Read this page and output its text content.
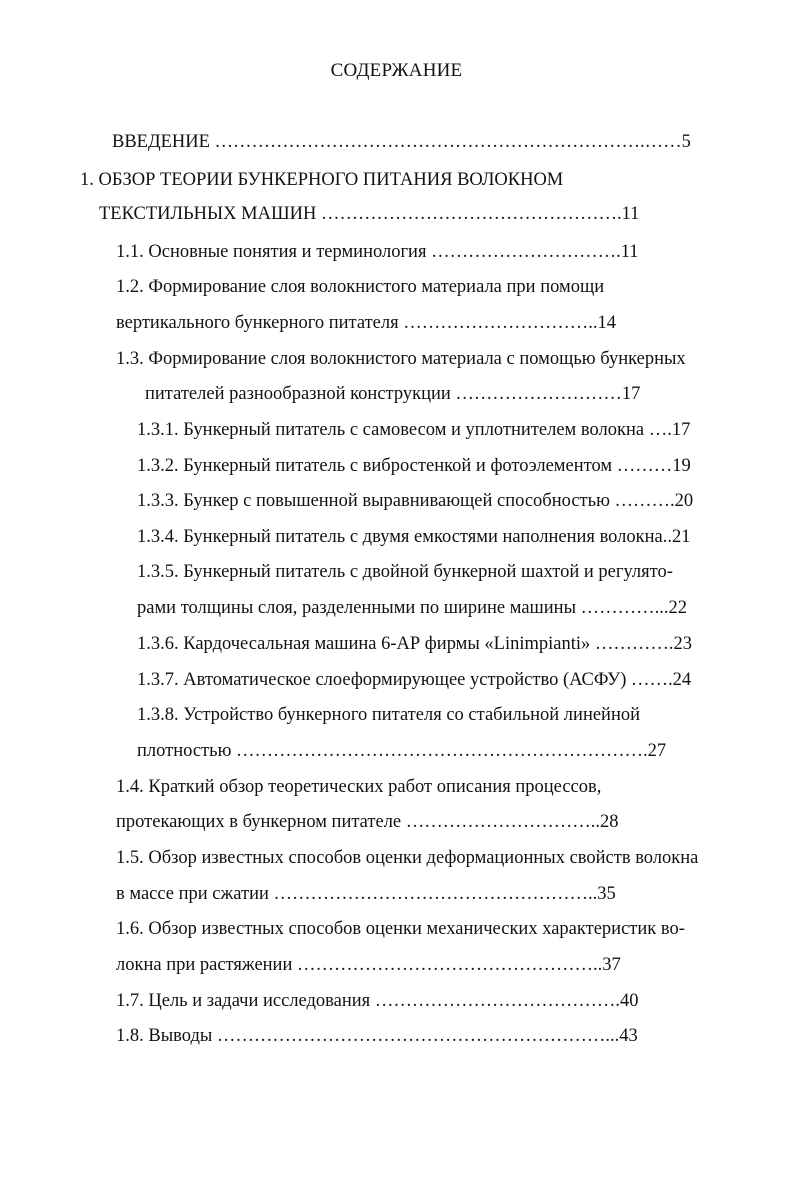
СОДЕРЖАНИЕ
ВВЕДЕНИЕ …………………………………………………………….……5
1. ОБЗОР ТЕОРИИ БУНКЕРНОГО ПИТАНИЯ ВОЛОКНОМ
ТЕКСТИЛЬНЫХ МАШИН ………………………………………….11
1.1. Основные понятия и терминология ………………………….11
1.2. Формирование слоя волокнистого материала при помощи
вертикального бункерного питателя …………………………..14
1.3. Формирование слоя волокнистого материала с помощью бункерных
питателей разнообразной конструкции ………………………17
1.3.1. Бункерный питатель с самовесом и уплотнителем волокна ….17
1.3.2. Бункерный питатель с вибростенкой и фотоэлементом ………19
1.3.3. Бункер с повышенной выравнивающей способностью ……….20
1.3.4. Бункерный питатель с двумя емкостями наполнения волокна..21
1.3.5. Бункерный питатель с двойной бункерной шахтой и регулято-
рами толщины слоя, разделенными по ширине машины …………...22
1.3.6. Кардочесальная машина 6-АР фирмы «Linimpianti» ………….23
1.3.7. Автоматическое слоеформирующее устройство (АСФУ) …….24
1.3.8. Устройство бункерного питателя со стабильной линейной
плотностью ………………………………………………………….27
1.4. Краткий обзор теоретических работ описания процессов,
протекающих в бункерном питателе …………………………..28
1.5. Обзор известных способов оценки деформационных свойств волокна
в массе при сжатии ……………………………………………..35
1.6. Обзор известных способов оценки механических характеристик во-
локна при растяжении …………………………………………..37
1.7. Цель и задачи исследования ………………………………….40
1.8. Выводы ………………………………………………………...43
